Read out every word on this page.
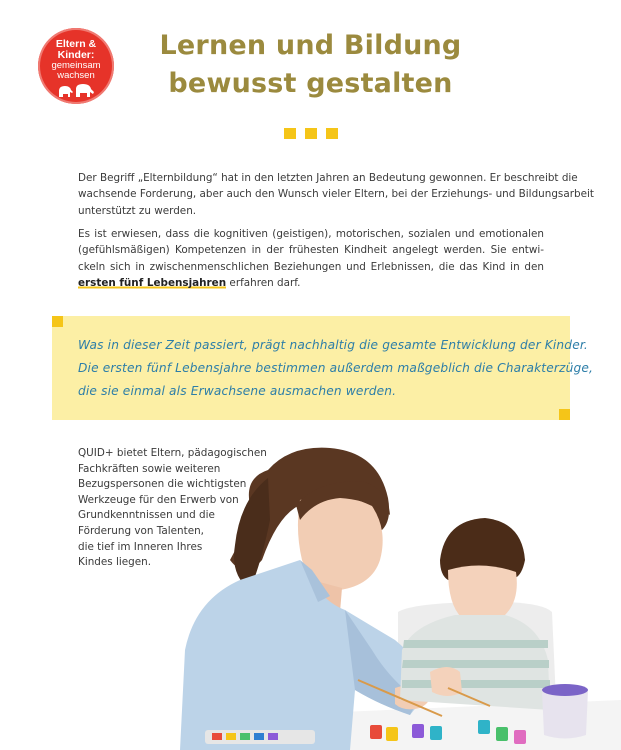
Eltern &
Kinder:
gemeinsam
wachsen
Lernen und Bildung
bewusst gestalten
Der Begriff „Elternbildung“ hat in den letzten Jahren an Bedeutung gewonnen. Er beschreibt die
wachsende Forderung, aber auch den Wunsch vieler Eltern, bei der Erziehungs- und Bildungsarbeit
unterstützt zu werden.
Es ist erwiesen, dass die kognitiven (geistigen), motorischen, sozialen und emotionalen
(gefühlsmäßigen) Kompetenzen in der frühesten Kindheit angelegt werden. Sie entwi-
ckeln sich in zwischenmenschlichen Beziehungen und Erlebnissen, die das Kind in den
ersten fünf Lebensjahren erfahren darf.
Was in dieser Zeit passiert, prägt nachhaltig die gesamte Entwicklung der Kinder.
Die ersten fünf Lebensjahre bestimmen außerdem maßgeblich die Charakterzüge,
die sie einmal als Erwachsene ausmachen werden.
QUID+ bietet Eltern, pädagogischen
Fachkräften sowie weiteren
Bezugspersonen die wichtigsten
Werkzeuge für den Erwerb von
Grundkenntnissen und die
Förderung von Talenten,
die tief im Inneren Ihres
Kindes liegen.
